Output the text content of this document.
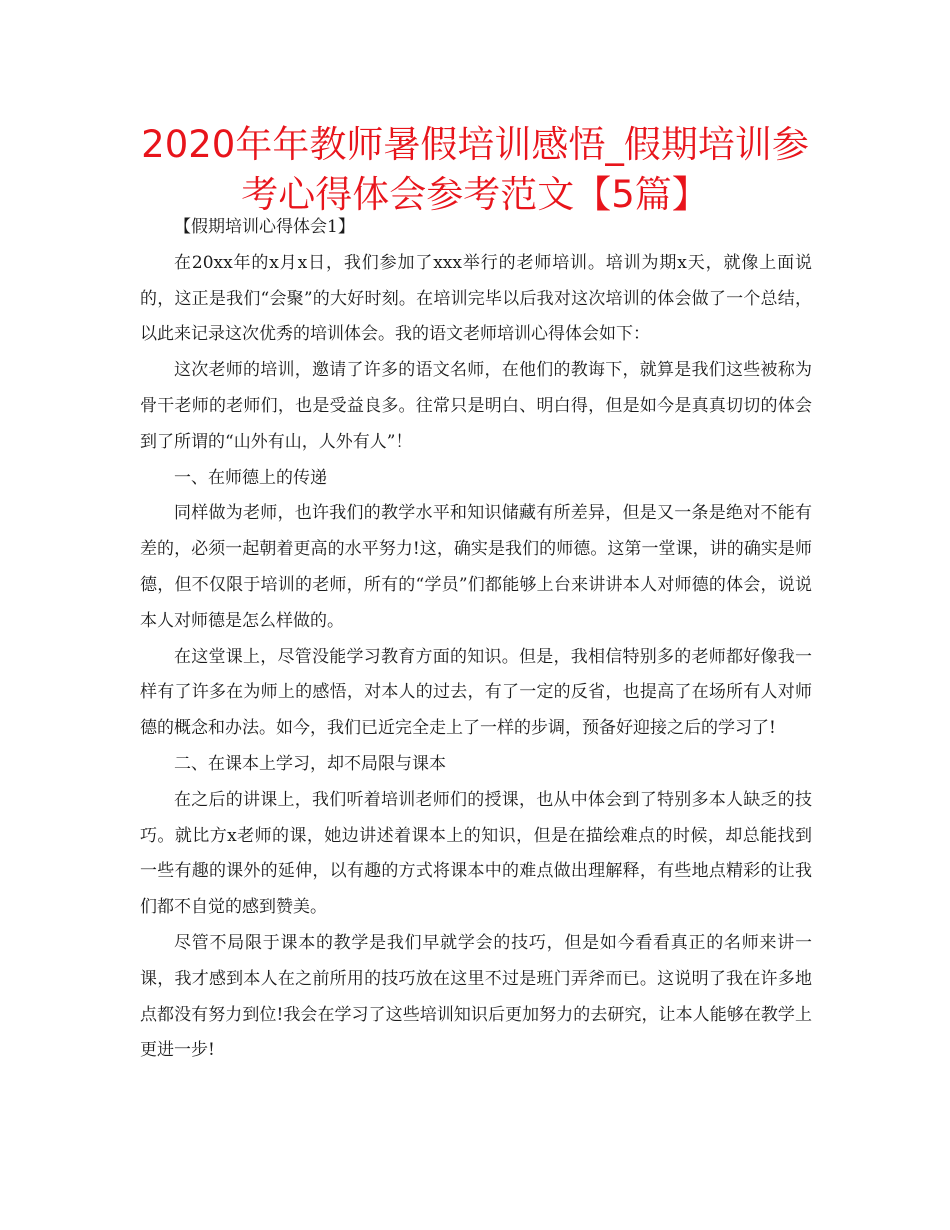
2020年年教师暑假培训感悟_假期培训参
考心得体会参考范文【5篇】

【假期培训心得体会1】

在20xx年的x月x日，我们参加了xxx举行的老师培训。培训为期x天，就像上面说的，这正是我们“会聚”的大好时刻。在培训完毕以后我对这次培训的体会做了一个总结，以此来记录这次优秀的培训体会。我的语文老师培训心得体会如下：

这次老师的培训，邀请了许多的语文名师，在他们的教诲下，就算是我们这些被称为骨干老师的老师们，也是受益良多。往常只是明白、明白得，但是如今是真真切切的体会到了所谓的“山外有山，人外有人”！

一、在师德上的传递

同样做为老师，也许我们的教学水平和知识储藏有所差异，但是又一条是绝对不能有差的，必须一起朝着更高的水平努力!这，确实是我们的师德。这第一堂课，讲的确实是师德，但不仅限于培训的老师，所有的“学员”们都能够上台来讲讲本人对师德的体会，说说本人对师德是怎么样做的。

在这堂课上，尽管没能学习教育方面的知识。但是，我相信特别多的老师都好像我一样有了许多在为师上的感悟，对本人的过去，有了一定的反省，也提高了在场所有人对师德的概念和办法。如今，我们已近完全走上了一样的步调，预备好迎接之后的学习了!

二、在课本上学习，却不局限与课本

在之后的讲课上，我们听着培训老师们的授课，也从中体会到了特别多本人缺乏的技巧。就比方x老师的课，她边讲述着课本上的知识，但是在描绘难点的时候，却总能找到一些有趣的课外的延伸，以有趣的方式将课本中的难点做出理解释，有些地点精彩的让我们都不自觉的感到赞美。

尽管不局限于课本的教学是我们早就学会的技巧，但是如今看看真正的名师来讲一课，我才感到本人在之前所用的技巧放在这里不过是班门弄斧而已。这说明了我在许多地点都没有努力到位!我会在学习了这些培训知识后更加努力的去研究，让本人能够在教学上更进一步!
